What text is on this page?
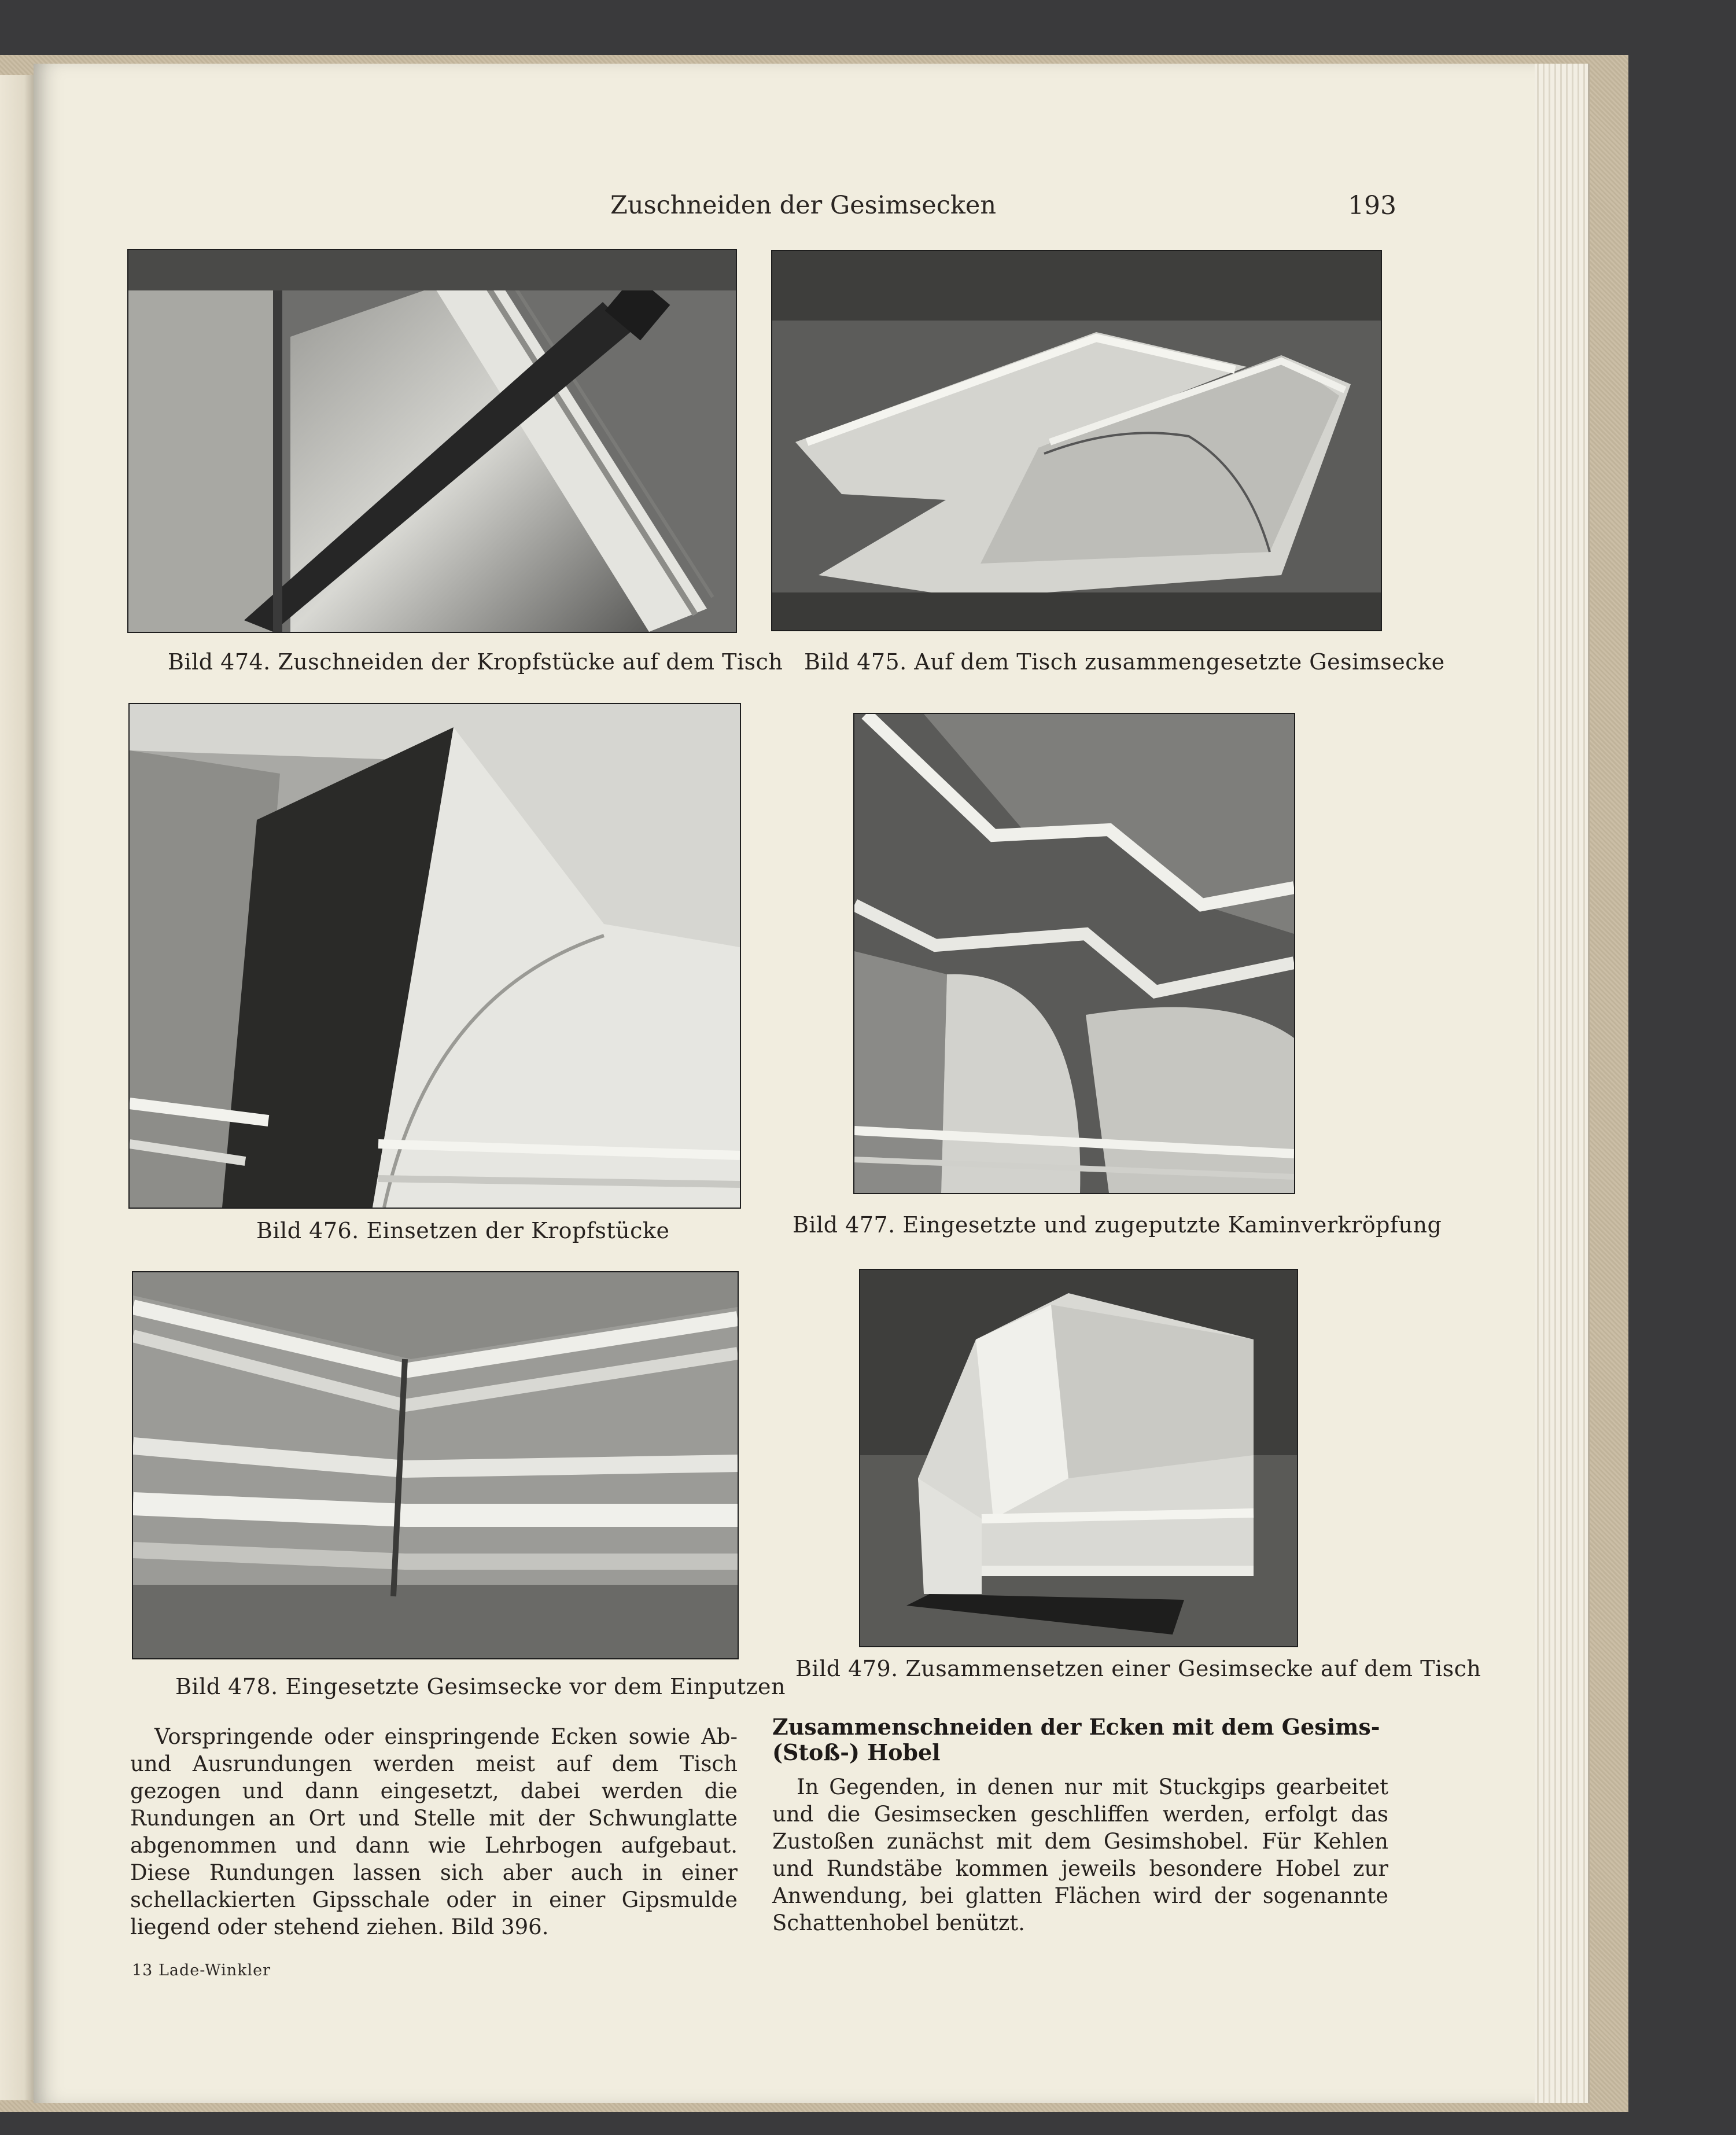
Zuschneiden der Gesimsecken	193
Bild 474. Zuschneiden der Kropfstücke auf dem Tisch Bild 475. Auf dem Tisch zusammengesetzte Gesimsecke
Bild 476. Einsetzen der Kropfstücke	Bild 477. Eingesetzte und zugeputzte Kaminverkröpfung
Bild 478. Eingesetzte Gesimsecke vor dem Einputzen
Bild 479. Zusammensetzen einer Gesimsecke auf dem Tisch

Vorspringende oder einspringende Ecken sowie Ab- und Ausrundungen werden meist auf dem Tisch gezogen und dann eingesetzt, dabei werden die Rundungen an Ort und Stelle mit der Schwunglatte abgenommen und dann wie Lehrbogen aufgebaut. Diese Rundungen lassen sich aber auch in einer schellackierten Gipsschale oder in einer Gipsmulde liegend oder stehend ziehen. Bild 396.

Zusammenschneiden der Ecken mit dem Gesims- (Stoß-) Hobel

In Gegenden, in denen nur mit Stuckgips gearbeitet und die Gesimsecken geschliffen werden, erfolgt das Zustoßen zunächst mit dem Gesimshobel. Für Kehlen und Rundstäbe kommen jeweils besondere Hobel zur Anwendung, bei glatten Flächen wird der sogenannte Schattenhobel benützt.

13 Lade-Winkler
